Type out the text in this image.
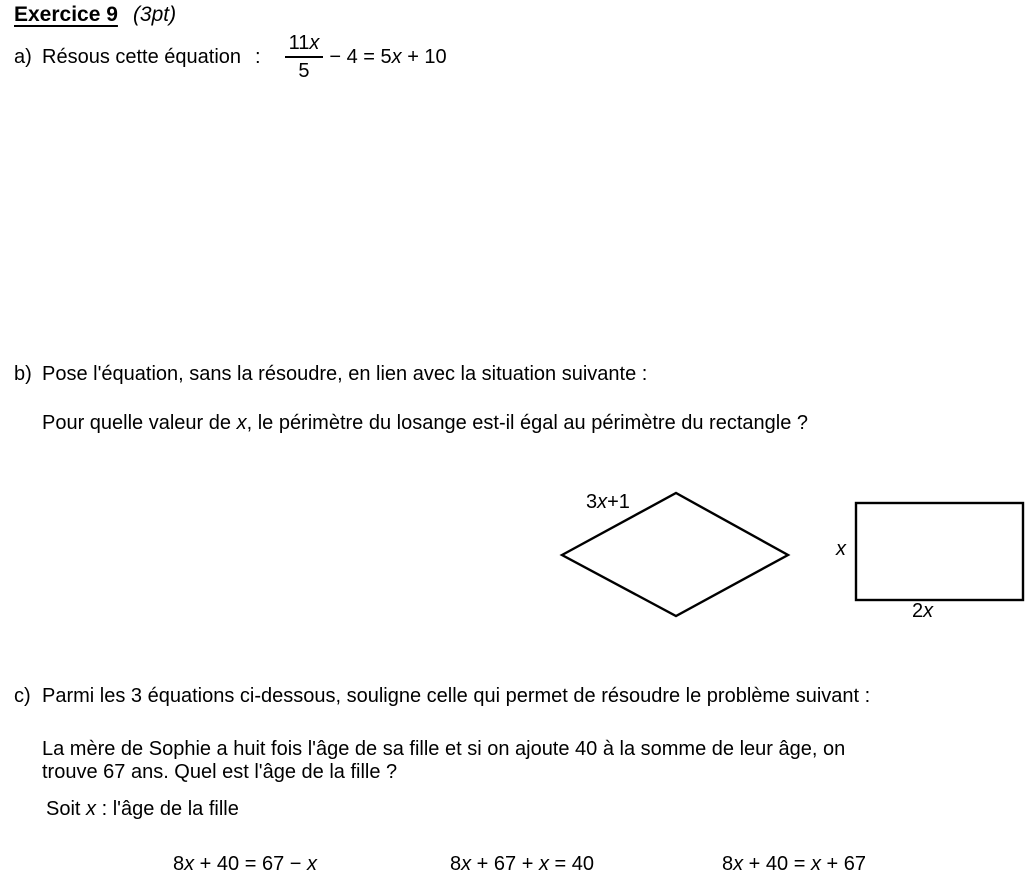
Exercice 9 (3pt)
a) Résous cette équation : $\frac{11x}{5} - 4 = 5x + 10$
b) Pose l'équation, sans la résoudre, en lien avec la situation suivante :
Pour quelle valeur de x, le périmètre du losange est-il égal au périmètre du rectangle ?
3x+1
x
2x
c) Parmi les 3 équations ci-dessous, souligne celle qui permet de résoudre le problème suivant :
La mère de Sophie a huit fois l'âge de sa fille et si on ajoute 40 à la somme de leur âge, on
trouve 67 ans. Quel est l'âge de la fille ?
Soit x : l'âge de la fille
8x + 40 = 67 − x	8x + 67 + x = 40	8x + 40 = x + 67
